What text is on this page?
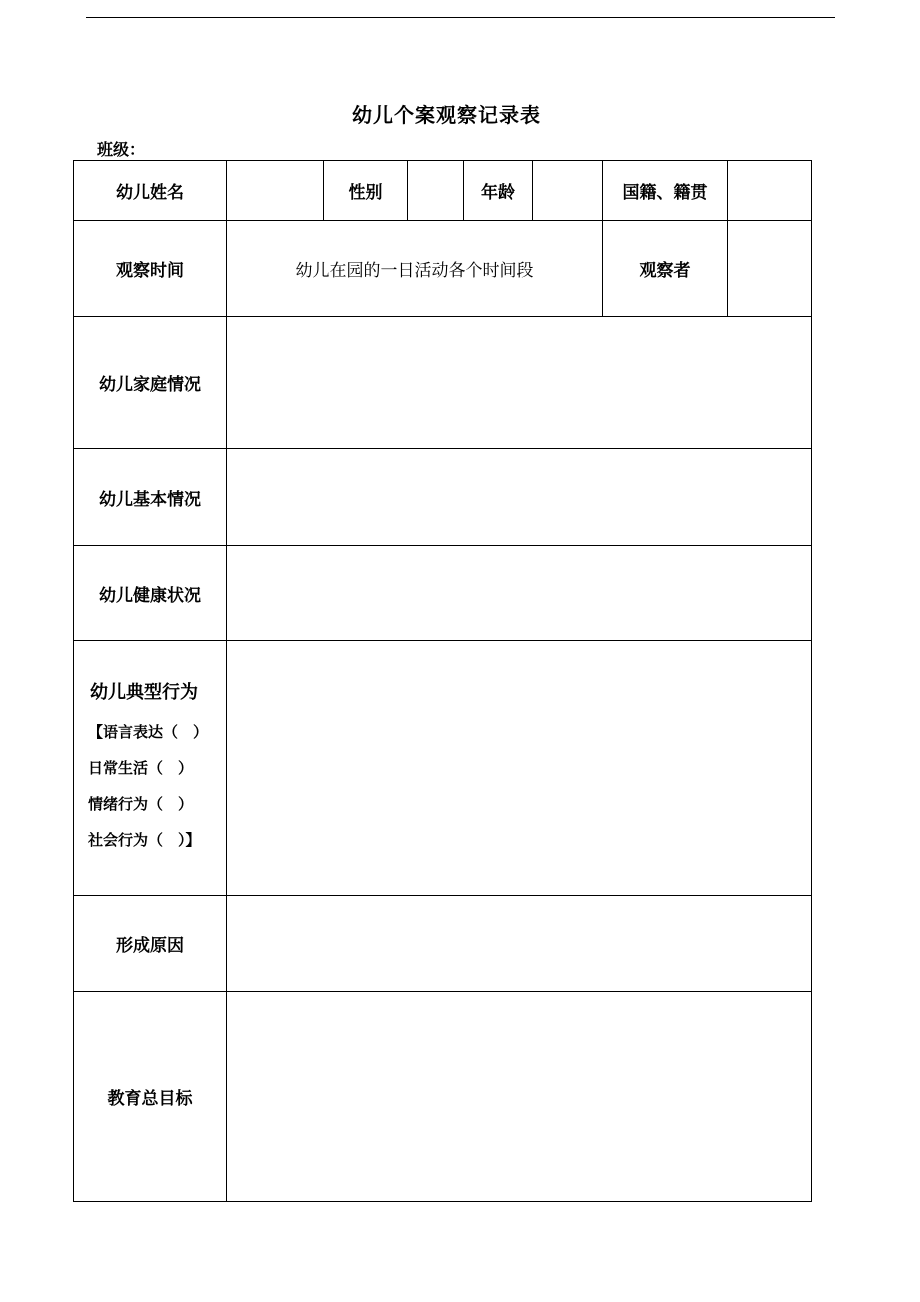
幼儿个案观察记录表
班级：
幼儿姓名		性别		年龄		国籍、籍贯	
观察时间	幼儿在园的一日活动各个时间段					观察者	
幼儿家庭情况							
幼儿基本情况							
幼儿健康状况							

幼儿典型行为
【语言表达（　）
日常生活（　）
情绪行为（　）
社会行为（　）】							

形成原因							
教育总目标							
